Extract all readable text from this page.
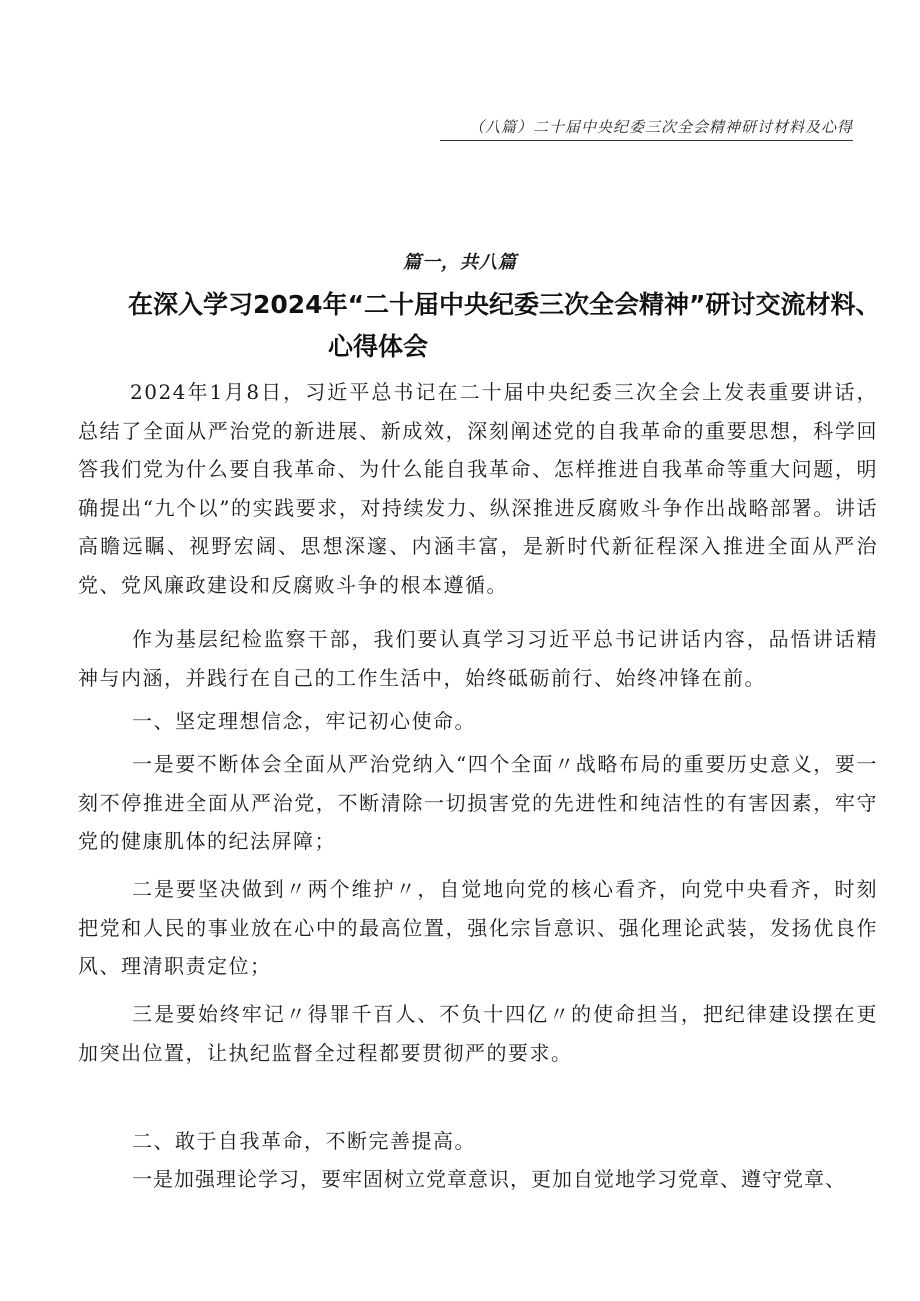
（八篇）二十届中央纪委三次全会精神研讨材料及心得
篇一，共八篇
在深入学习2024年“二十届中央纪委三次全会精神”研讨交流材料、
心得体会
2024年1月8日，习近平总书记在二十届中央纪委三次全会上发表重要讲话，总结了全面从严治党的新进展、新成效，深刻阐述党的自我革命的重要思想，科学回答我们党为什么要自我革命、为什么能自我革命、怎样推进自我革命等重大问题，明确提出“九个以”的实践要求，对持续发力、纵深推进反腐败斗争作出战略部署。讲话高瞻远瞩、视野宏阔、思想深邃、内涵丰富，是新时代新征程深入推进全面从严治党、党风廉政建设和反腐败斗争的根本遵循。
作为基层纪检监察干部，我们要认真学习习近平总书记讲话内容，品悟讲话精神与内涵，并践行在自己的工作生活中，始终砥砺前行、始终冲锋在前。
一、坚定理想信念，牢记初心使命。
一是要不断体会全面从严治党纳入“四个全面〃战略布局的重要历史意义，要一刻不停推进全面从严治党，不断清除一切损害党的先进性和纯洁性的有害因素，牢守党的健康肌体的纪法屏障；
二是要坚决做到〃两个维护〃，自觉地向党的核心看齐，向党中央看齐，时刻把党和人民的事业放在心中的最高位置，强化宗旨意识、强化理论武装，发扬优良作风、理清职责定位；
三是要始终牢记〃得罪千百人、不负十四亿〃的使命担当，把纪律建设摆在更加突出位置，让执纪监督全过程都要贯彻严的要求。
二、敢于自我革命，不断完善提高。
一是加强理论学习，要牢固树立党章意识，更加自觉地学习党章、遵守党章、
